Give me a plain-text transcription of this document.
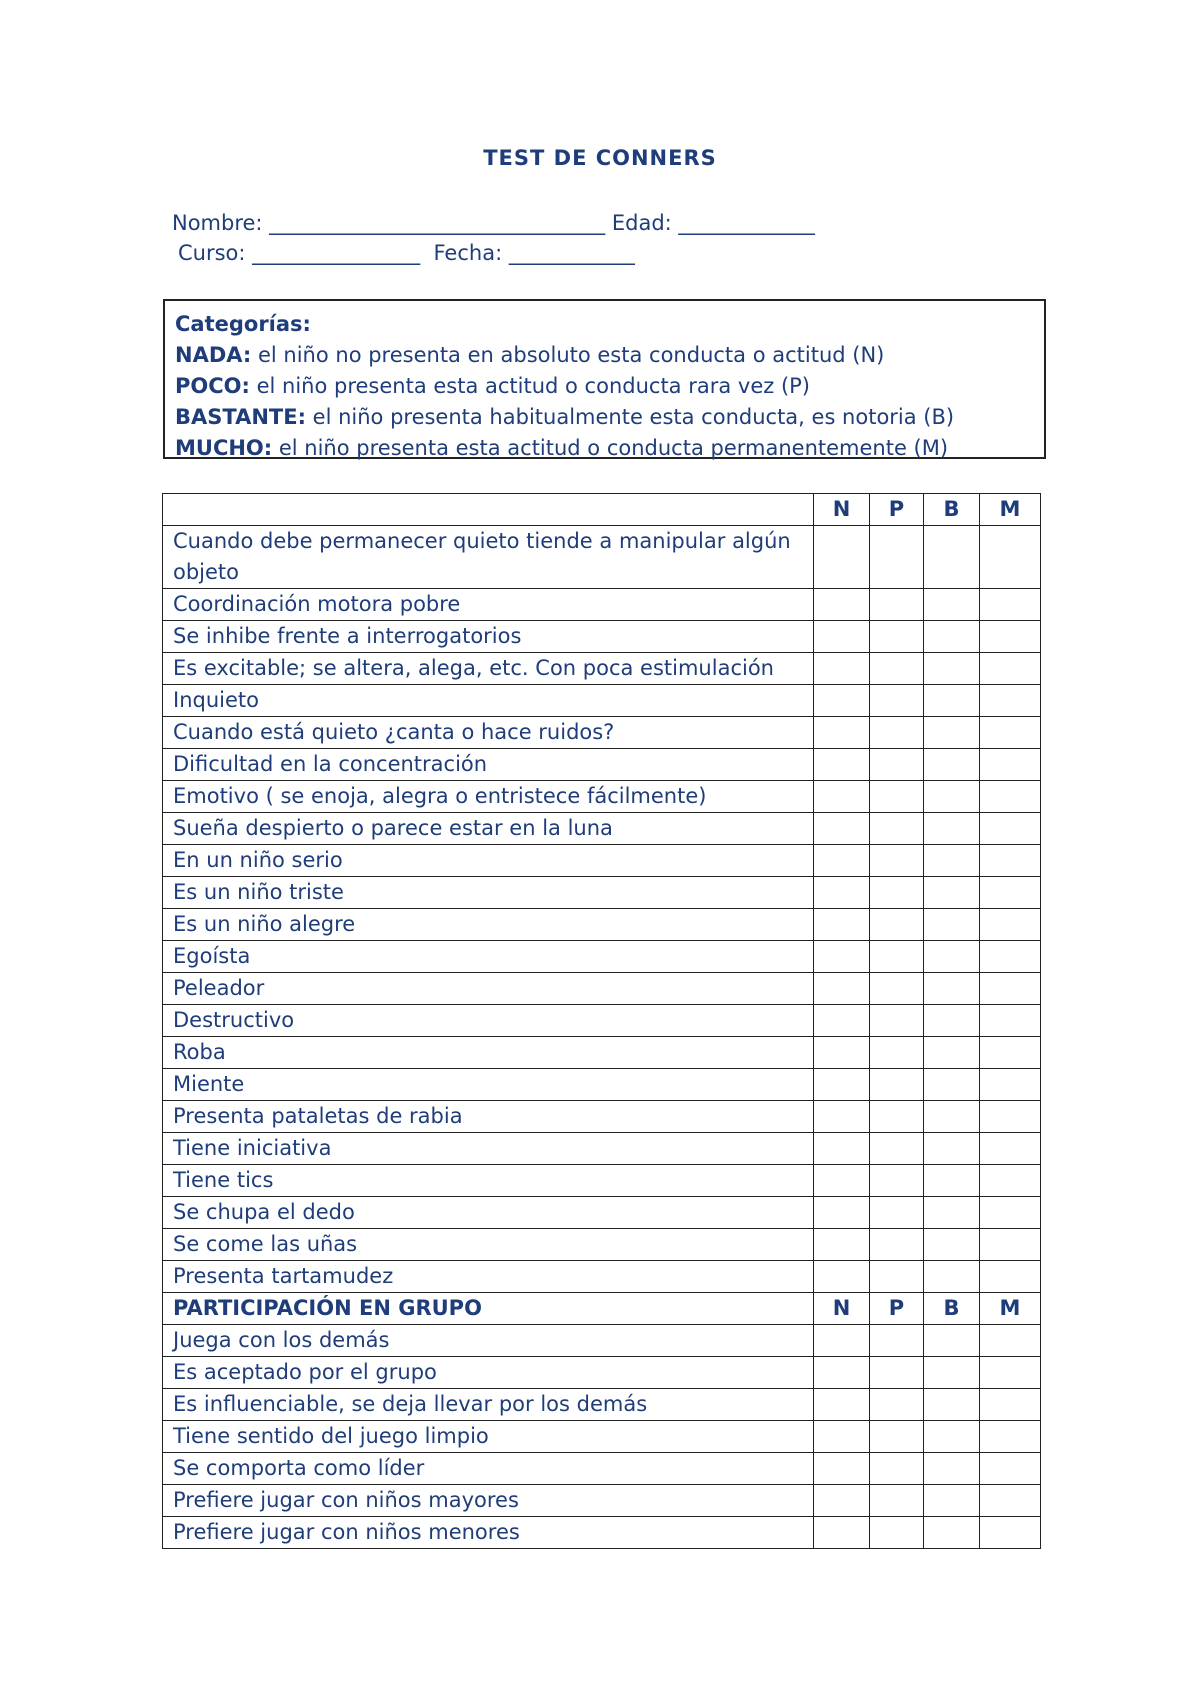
TEST DE CONNERS
Nombre: ________________________________ Edad: _____________
Curso: ________________  Fecha: ____________
Categorías:
NADA: el niño no presenta en absoluto esta conducta o actitud (N)
POCO: el niño presenta esta actitud o conducta rara vez (P)
BASTANTE: el niño presenta habitualmente esta conducta, es notoria (B)
MUCHO: el niño presenta esta actitud o conducta permanentemente (M)
	N	P	B	M
Cuando debe permanecer quieto tiende a manipular algún objeto				
Coordinación motora pobre				
Se inhibe frente a interrogatorios				
Es excitable; se altera, alega, etc. Con poca estimulación				
Inquieto				
Cuando está quieto ¿canta o hace ruidos?				
Dificultad en la concentración				
Emotivo ( se enoja, alegra o entristece fácilmente)				
Sueña despierto o parece estar en la luna				
En un niño serio				
Es un niño triste				
Es un niño alegre				
Egoísta				
Peleador				
Destructivo				
Roba				
Miente				
Presenta pataletas de rabia				
Tiene iniciativa				
Tiene tics				
Se chupa el dedo				
Se come las uñas				
Presenta tartamudez				
PARTICIPACIÓN EN GRUPO	N	P	B	M
Juega con los demás				
Es aceptado por el grupo				
Es influenciable, se deja llevar por los demás				
Tiene sentido del juego limpio				
Se comporta como líder				
Prefiere jugar con niños mayores				
Prefiere jugar con niños menores				
